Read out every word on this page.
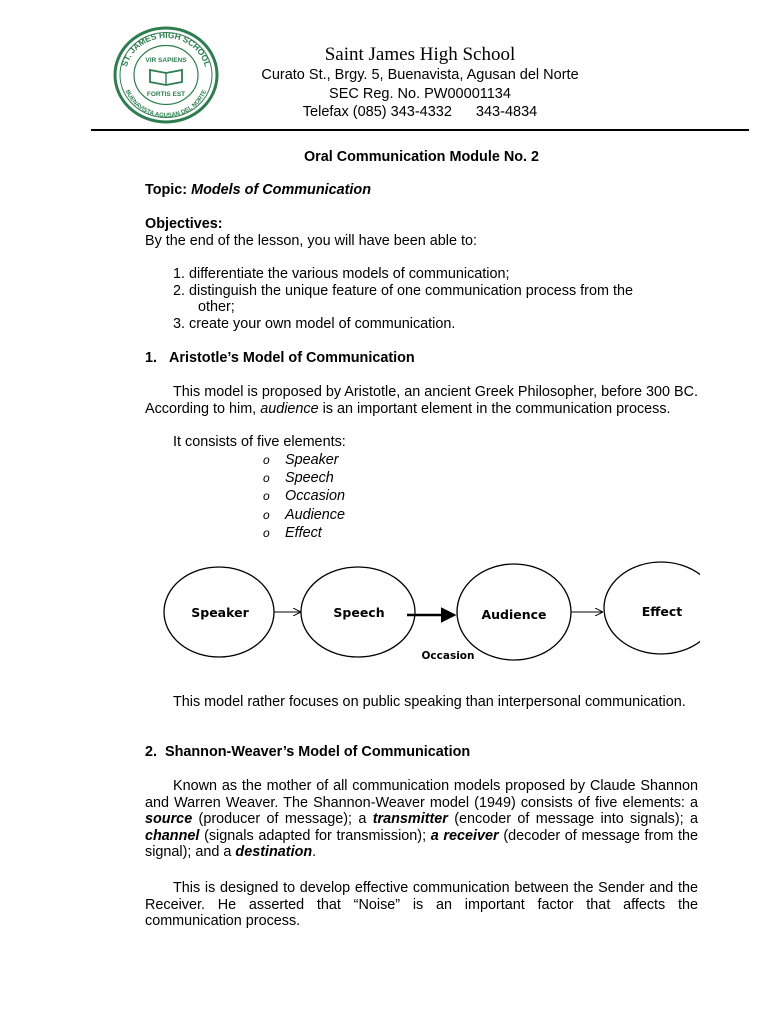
ST. JAMES HIGH SCHOOL
BUENAVISTA AGUSAN DEL NORTE
VIR SAPIENS
FORTIS EST
Saint James High School
Curato St., Brgy. 5, Buenavista, Agusan del Norte
SEC Reg. No. PW00001134
Telefax (085) 343-4332 343-4834
Oral Communication Module No. 2
Topic: Models of Communication
Objectives:
By the end of the lesson, you will have been able to:
1. differentiate the various models of communication;
2. distinguish the unique feature of one communication process from the
other;
3. create your own model of communication.
1.   Aristotle’s Model of Communication
This model is proposed by Aristotle, an ancient Greek Philosopher, before 300 BC. According to him, audience is an important element in the communication process.
It consists of five elements:
o Speaker
o Speech
o Occasion
o Audience
o Effect
This model rather focuses on public speaking than interpersonal communication.
2.  Shannon-Weaver’s Model of Communication
Known as the mother of all communication models proposed by Claude Shannon and Warren Weaver. The Shannon-Weaver model (1949) consists of five elements: a source (producer of message); a transmitter (encoder of message into signals); a channel (signals adapted for transmission); a receiver (decoder of message from the signal); and a destination.
This is designed to develop effective communication between the Sender and the Receiver. He asserted that “Noise” is an important factor that affects the communication process.
Speaker	Speech	Audience	Effect
Occasion
